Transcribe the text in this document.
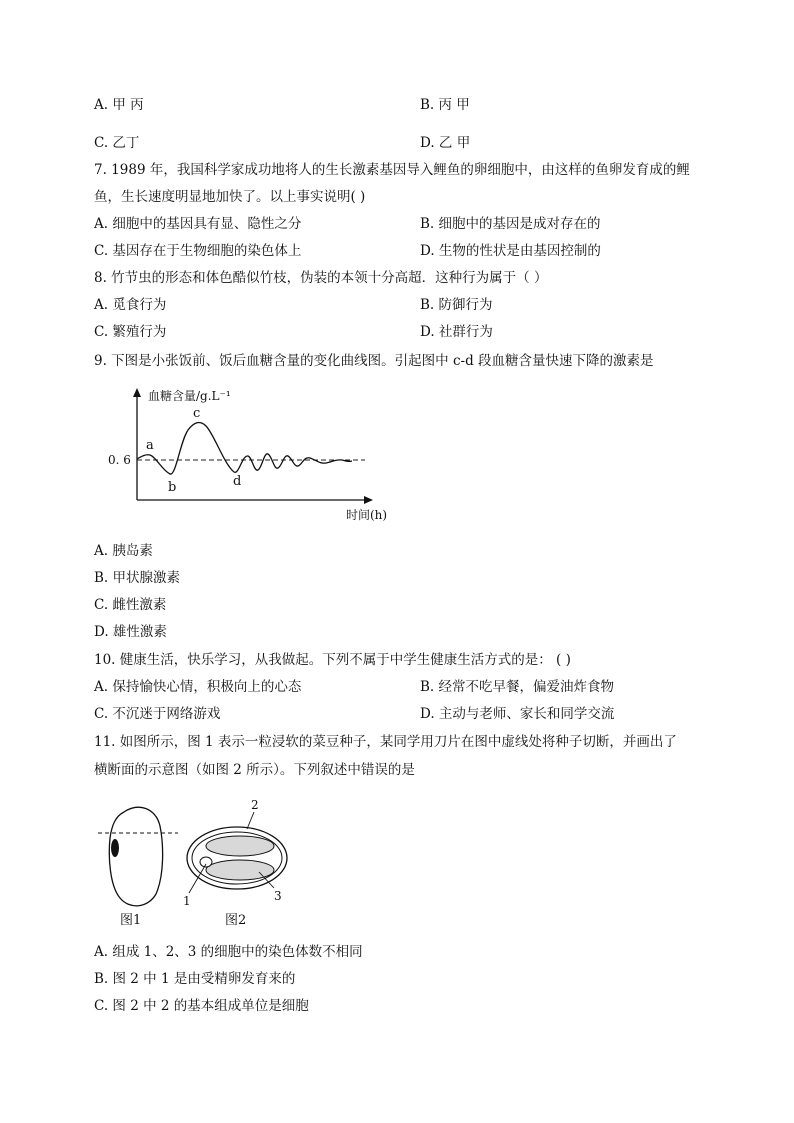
A. 甲 丙	B. 丙 甲
C. 乙丁	D. 乙 甲
7. 1989 年，我国科学家成功地将人的生长激素基因导入鲤鱼的卵细胞中，由这样的鱼卵发育成的鲤
鱼，生长速度明显地加快了。以上事实说明( )
A. 细胞中的基因具有显、隐性之分	B. 细胞中的基因是成对存在的
C. 基因存在于生物细胞的染色体上	D. 生物的性状是由基因控制的
8. 竹节虫的形态和体色酷似竹枝，伪装的本领十分高超．这种行为属于（ ）
A. 觅食行为	B. 防御行为
C. 繁殖行为	D. 社群行为
9. 下图是小张饭前、饭后血糖含量的变化曲线图。引起图中 c-d 段血糖含量快速下降的激素是
血糖含量/g.L⁻¹
0. 6
a
b
c
d
时间(h)
A. 胰岛素
B. 甲状腺激素
C. 雌性激素
D. 雄性激素
10. 健康生活，快乐学习，从我做起。下列不属于中学生健康生活方式的是： ( )
A. 保持愉快心情，积极向上的心态	B. 经常不吃早餐，偏爱油炸食物
C. 不沉迷于网络游戏	D. 主动与老师、家长和同学交流
11. 如图所示，图 1 表示一粒浸软的菜豆种子，某同学用刀片在图中虚线处将种子切断，并画出了
横断面的示意图（如图 2 所示）。下列叙述中错误的是
图1
1
2
3
图2
A. 组成 1、2、3 的细胞中的染色体数不相同
B. 图 2 中 1 是由受精卵发育来的
C. 图 2 中 2 的基本组成单位是细胞
